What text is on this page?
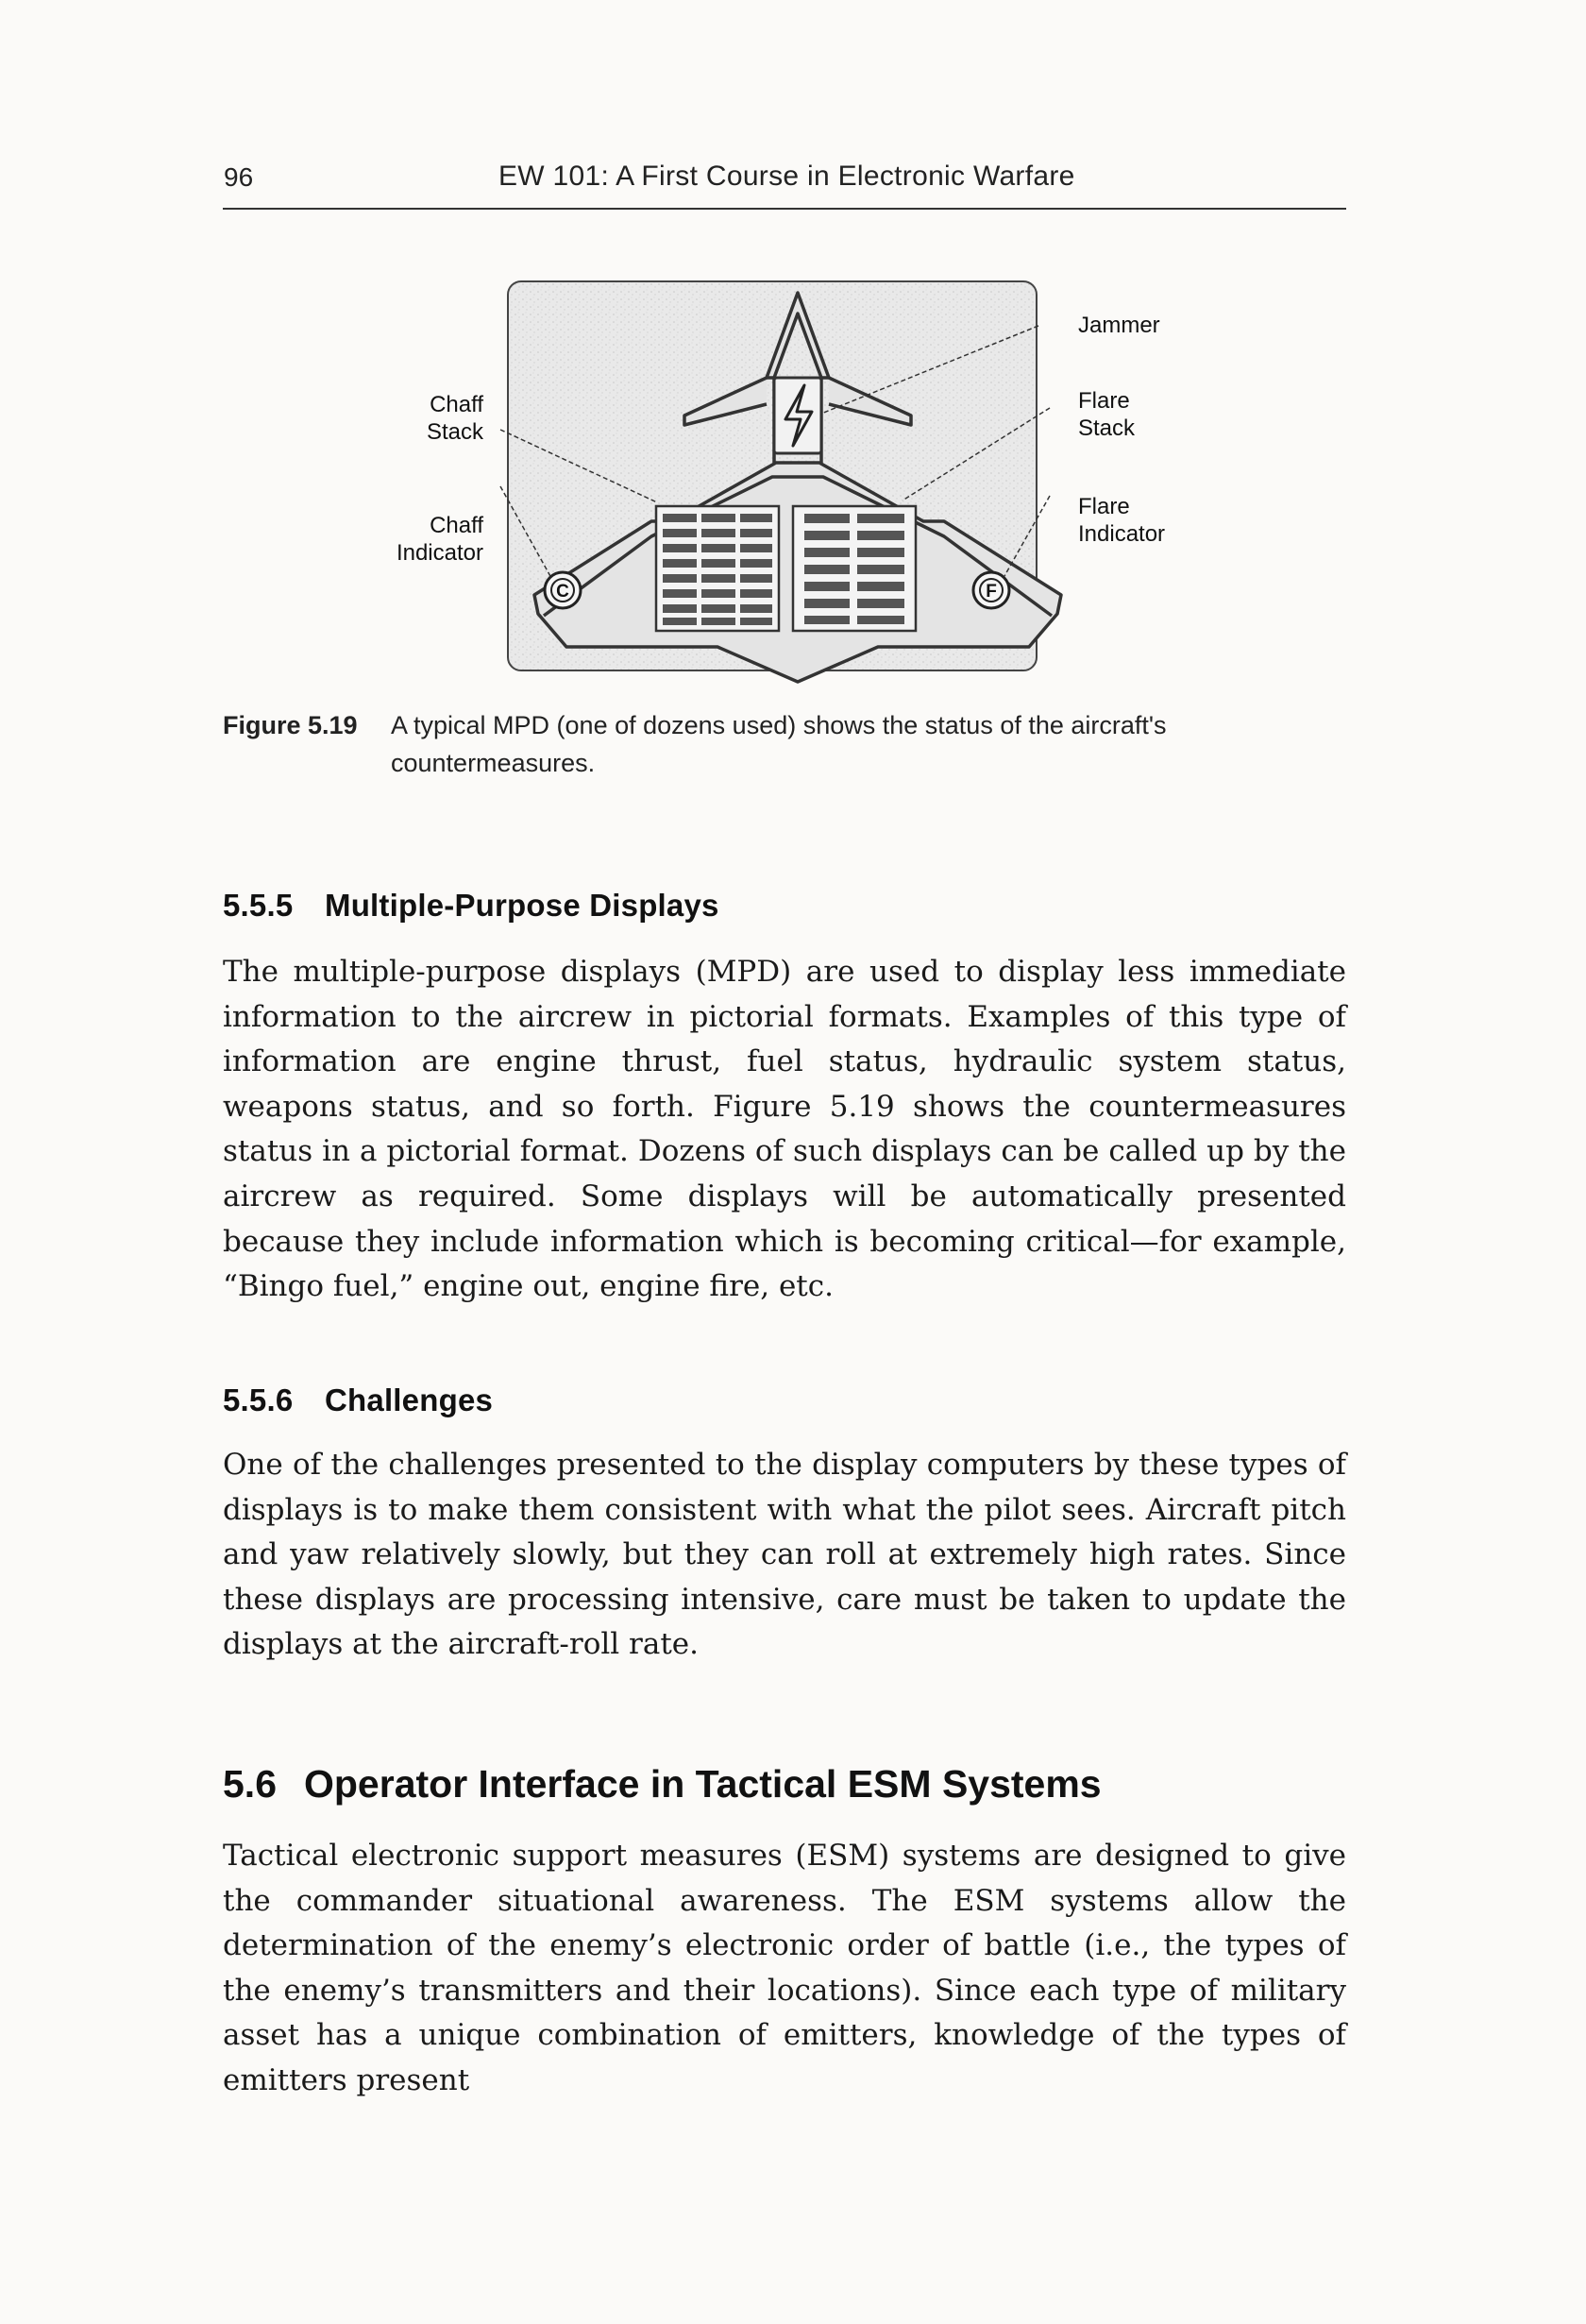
96	EW 101: A First Course in Electronic Warfare
C	F
Jammer
Flare
Stack
Flare
Indicator
Chaff
Stack
Chaff
Indicator
Figure 5.19 A typical MPD (one of dozens used) shows the status of the aircraft's countermeasures.
5.5.5 Multiple-Purpose Displays

The multiple-purpose displays (MPD) are used to display less immediate information to the aircrew in pictorial formats. Examples of this type of information are engine thrust, fuel status, hydraulic system status, weapons status, and so forth. Figure 5.19 shows the countermeasures status in a pictorial format. Dozens of such displays can be called up by the aircrew as required. Some displays will be automatically presented because they include information which is becoming critical—for example, “Bingo fuel,” engine out, engine fire, etc.

5.5.6 Challenges

One of the challenges presented to the display computers by these types of displays is to make them consistent with what the pilot sees. Aircraft pitch and yaw relatively slowly, but they can roll at extremely high rates. Since these displays are processing intensive, care must be taken to update the displays at the aircraft-roll rate.

5.6 Operator Interface in Tactical ESM Systems

Tactical electronic support measures (ESM) systems are designed to give the commander situational awareness. The ESM systems allow the determination of the enemy’s electronic order of battle (i.e., the types of the enemy’s transmitters and their locations). Since each type of military asset has a unique combination of emitters, knowledge of the types of emitters present
